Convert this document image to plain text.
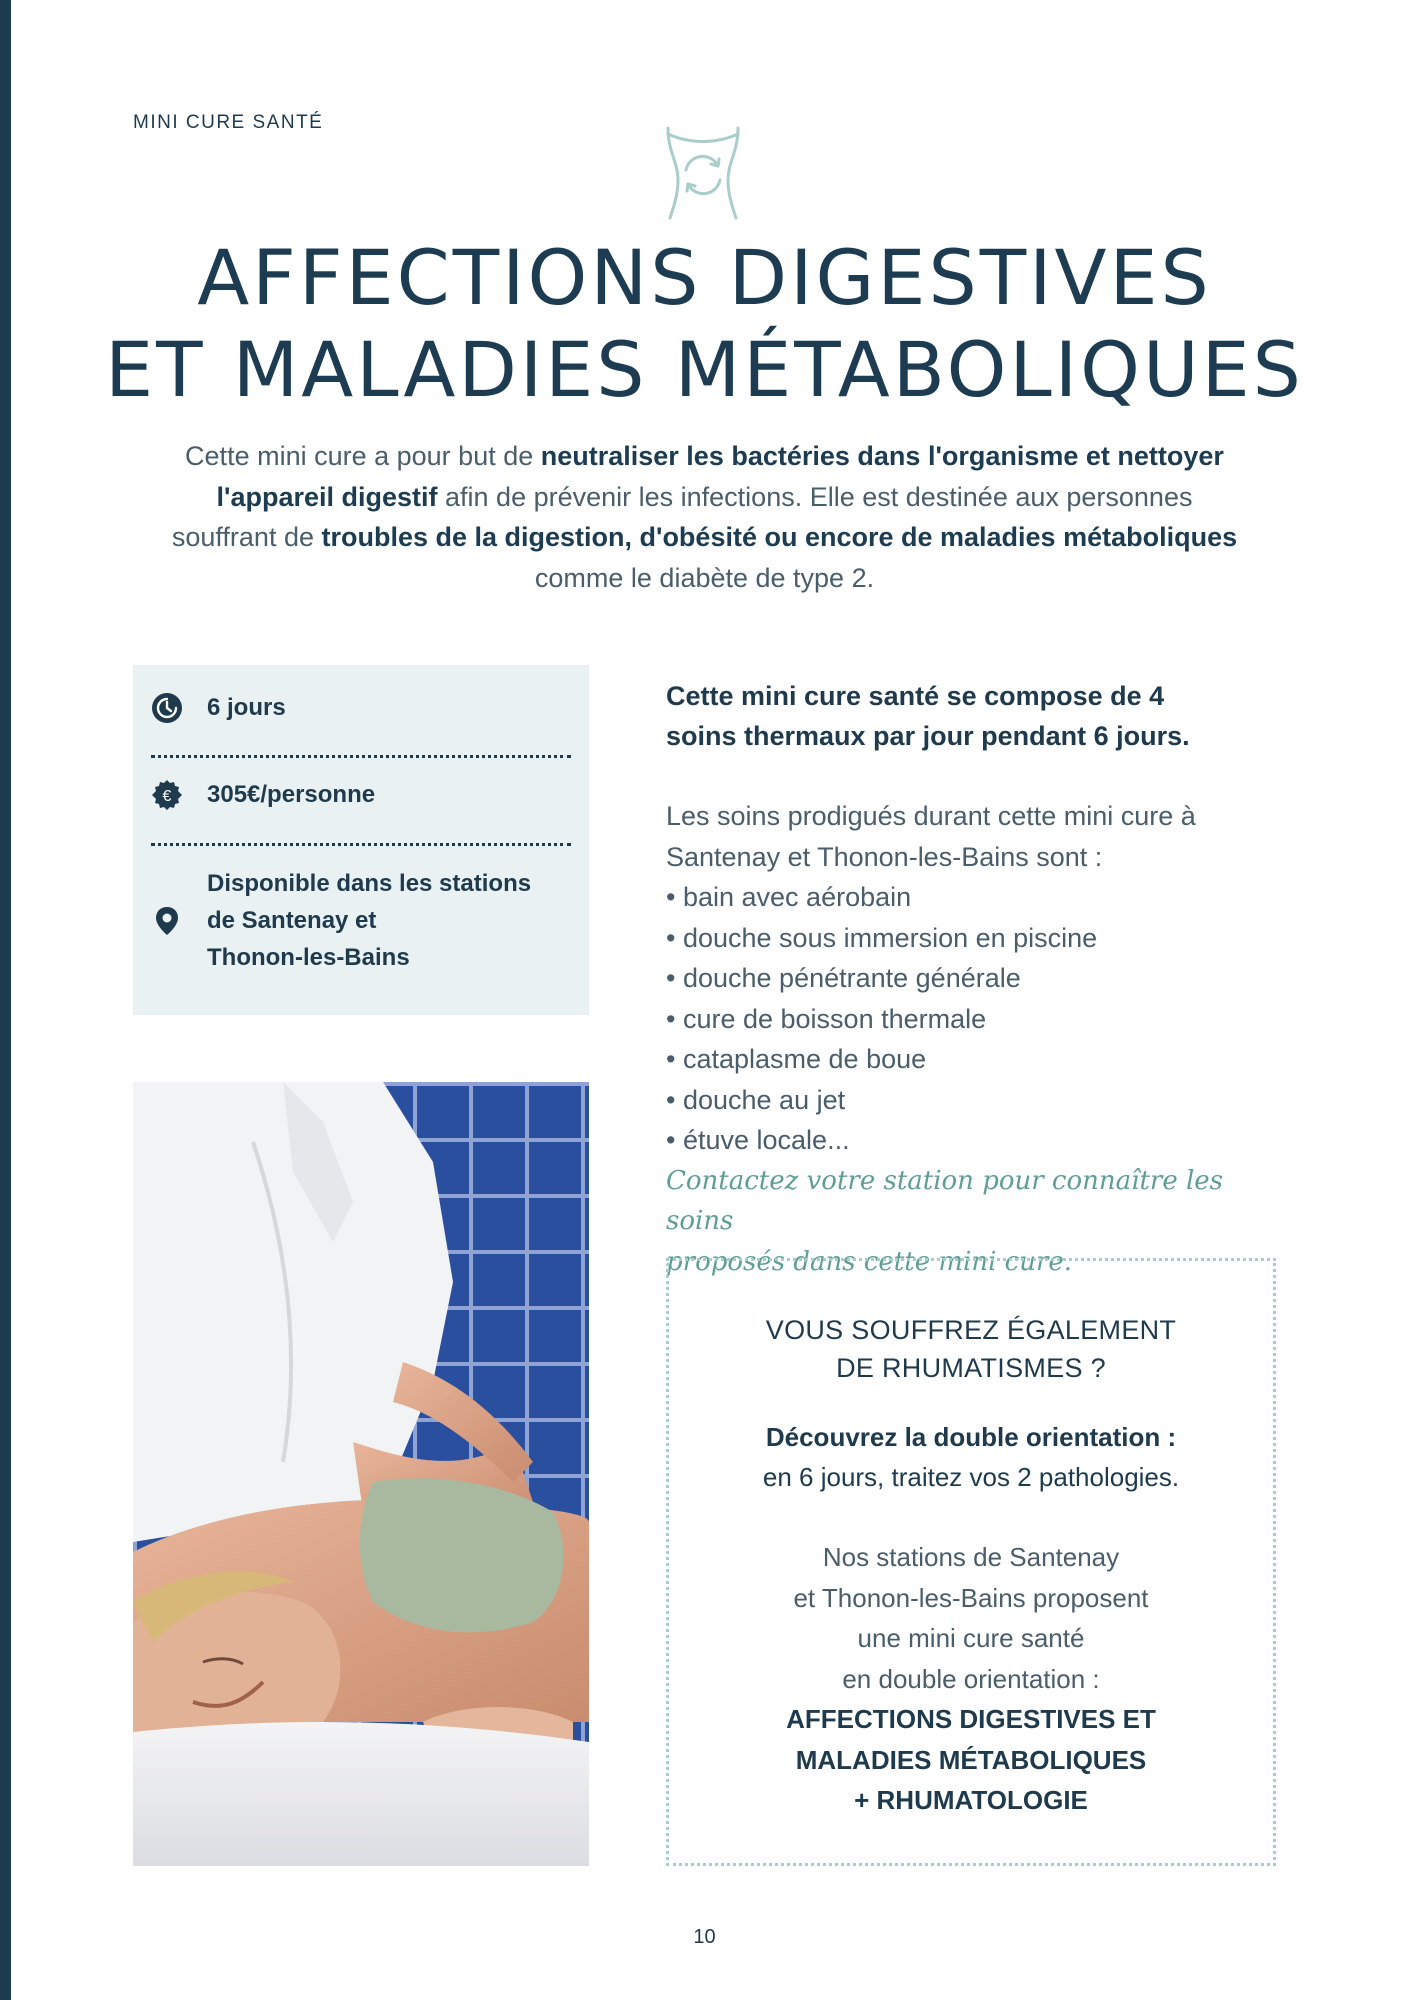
MINI CURE SANTÉ
AFFECTIONS DIGESTIVES
ET MALADIES MÉTABOLIQUES

Cette mini cure a pour but de neutraliser les bactéries dans l'organisme et nettoyer l'appareil digestif afin de prévenir les infections. Elle est destinée aux personnes souffrant de troubles de la digestion, d'obésité ou encore de maladies métaboliques comme le diabète de type 2.

6 jours
€ 305€/personne
Disponible dans les stations
de Santenay et
Thonon-les-Bains
Cette mini cure santé se compose de 4
soins thermaux par jour pendant 6 jours.
Les soins prodigués durant cette mini cure à
Santenay et Thonon-les-Bains sont :
• bain avec aérobain
• douche sous immersion en piscine
• douche pénétrante générale
• cure de boisson thermale
• cataplasme de boue
• douche au jet
• étuve locale...
Contactez votre station pour connaître les soins
proposés dans cette mini cure.
VOUS SOUFFREZ ÉGALEMENT
DE RHUMATISMES ?
Découvrez la double orientation :
en 6 jours, traitez vos 2 pathologies.
Nos stations de Santenay
et Thonon-les-Bains proposent
une mini cure santé
en double orientation :
AFFECTIONS DIGESTIVES ET
MALADIES MÉTABOLIQUES
+ RHUMATOLOGIE
10
